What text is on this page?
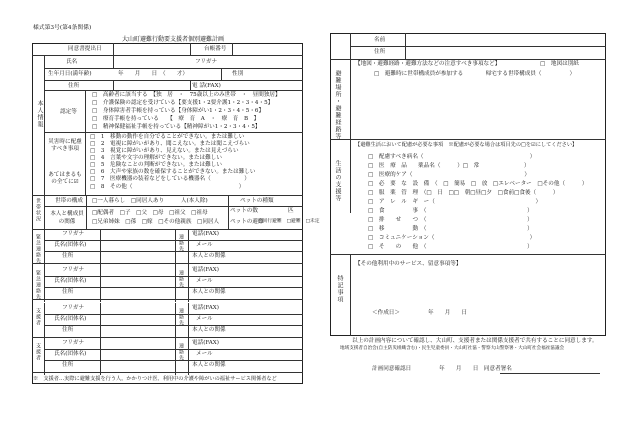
様式第3号(第4条関係)
大山町避難行動要支援者個別避難計画
同意書提出日	台帳番号
氏名	フリガナ
生年月日(満年齢)	年　　月　　日　（　　才）	性別
住所	電 話(FAX)
本人情報	認定等
□　高齢者に該当する　【独　居　・　75歳以上のみ世帯　・　昼間独居】
□　介護保険の認定を受けている【要支援1・2要介護1・2・3・4・5】
□　身体障害者手帳を持っている【身体障がい1・2・3・4・5・6】
□　療育手帳を持っている　　【　療　育　A　・　療　育　B　】
□　精神保健福祉手帳を持っている【精神障がい1・2・3・4・5】
災害時に配慮すべき事項
□　1　移動の動作を自分でることができない。または難しい
□　2　電視に障がいがあり、聞こえない。または聞こえづらい
□　3　視覚に障がいがあり、見えない。または見えづらい
□　4　言葉や文字の理解ができない。または難しい
□　5　危険なことの判断ができない。または難しい
□　6　大声や家族の数を確保することができない。または難しい
□　7　医療機器の装着などをしている機器名（　　　　　　）
□　8　その他（　　　　　　　　　　　　　　　　　　　）
あてはまるもの全てに☑
世帯状況	世帯の構成 □一人暮らし　□同居人あり　　　人(本人除)	ペットの種類
本人と構成員の関係
□配偶者　□子　□父　□母　□祖父　□祖母
□兄弟姉妹　□孫　□嫁　□その他親族　□同居人
ペットの数	匹
ペットの避難
□同行避難　□避難　□未定
緊急連絡先	フリガナ
氏名(団体名)
住所
連絡先 電話(FAX)
メール
本人との関係
緊急連絡先	フリガナ
氏名(団体名)
住所
連絡先 電話(FAX)
メール
本人との関係
支援者	フリガナ
氏名(団体名)
住所
連絡先 電話(FAX)
メール
本人との関係
支援者	フリガナ
氏名(団体名)
住所
連絡先 電話(FAX)
メール
本人との関係
※　支援者…実際に避難支援を行う人。かかりつけ医、利用中の介護や障がいの福祉サービス関係者など
名前
住所
避難場所・避難経路等
【地図・避難経路・避難方法などの注意すべき事項など】	□　地図は別紙
□　避難時に世帯構成員が参加する　　　　帰宅する世帯構成員（　　　　　）
生活の支援等
【避難生活において配慮が必要な事項　※配慮が必要な場合は項目先の□を☑にしてください】
□　配慮すべき病名（　　　　　　　　　　　　　　　　　　　）
□　医　療　品　　薬品名（　　　）□　常　　　　　　　　）
□　医療的ケア（　　　　　　　　　　　　　　　　　　　　）
□　必　要　な　設　備　（　□　簡易　□　放　□エレベーター　□その他（　　　）
□　服　薬　管　理　（□　日　□□　朝□昼□夕　□食前□食後（　　　）
□　ア　レ　ル　ギ　ー（　　　　　　　　　　　　　　　　　　）
□　食　　　　　事　（　　　　　　　　　　　　　　　　　　）
□　排　　せ　　つ　（　　　　　　　　　　　　　　　　　　）
□　移　　　　　動　（　　　　　　　　　　　　　　　　　　）
□　コミュニケーション（　　　　　　　　　　　　　　　　　）
□　そ　　の　　他　（　　　　　　　　　　　　　　　　　　）
特記事項
【その他利用中のサービス、留意事項等】
＜作成日＞　　　　　年　　月　　日
以上の計画内容について確認し、大山町、支援者または関係支援者で共有することに同意します。
地域支援者自治会(自主防災組織含む)・民生児童委員・大山町社協・警察大山警察署・大山町社会福祉協議会
計画同意確認日　　　　　年　　月　　日　同意者署名
